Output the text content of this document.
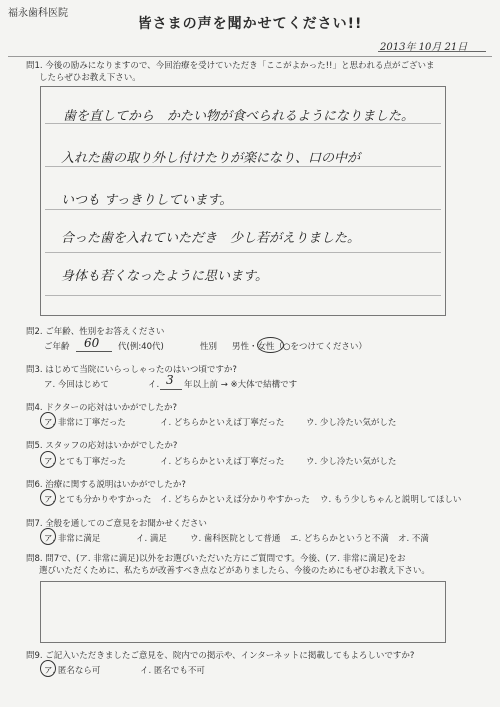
福永歯科医院
皆さまの声を聞かせてください!!
2013年 10月 21日
問1. 今後の励みになりますので、今回治療を受けていただき「ここがよかった!!」と思われる点がございま
したらぜひお教え下さい。
歯を直してから　かたい物が食べられるようになりました。
入れた歯の取り外し付けたりが楽になり、口の中が
いつも すっきりしています。
合った歯を入れていただき　少し若がえりました。
身体も若くなったように思います。
問2. ご年齢、性別をお答えください
ご年齢 60 代(例:40代)	性別 男性・女性（○をつけてください）
問3. はじめて当院にいらっしゃったのはいつ頃ですか?
ア. 今回はじめて	イ. 3 年以上前 → ※大体で結構です
問4. ドクターの応対はいかがでしたか?
ア. 非常に丁寧だった	イ. どちらかといえば丁寧だった	ウ. 少し冷たい気がした
問5. スタッフの応対はいかがでしたか?
ア. とても丁寧だった	イ. どちらかといえば丁寧だった	ウ. 少し冷たい気がした
問6. 治療に関する説明はいかがでしたか?
ア. とても分かりやすかった イ. どちらかといえば分かりやすかった ウ. もう少しちゃんと説明してほしい
問7. 全般を通してのご意見をお聞かせください
ア. 非常に満足	イ. 満足	ウ. 歯科医院として普通 エ. どちらかというと不満 オ. 不満
問8. 問7で、(ア. 非常に満足)以外をお選びいただいた方にご質問です。今後、(ア. 非常に満足)をお
選びいただくために、私たちが改善すべき点などがありましたら、今後のためにもぜひお教え下さい。
問9. ご記入いただきましたご意見を、院内での掲示や、インターネットに掲載してもよろしいですか?
ア. 匿名なら可	イ. 匿名でも不可
